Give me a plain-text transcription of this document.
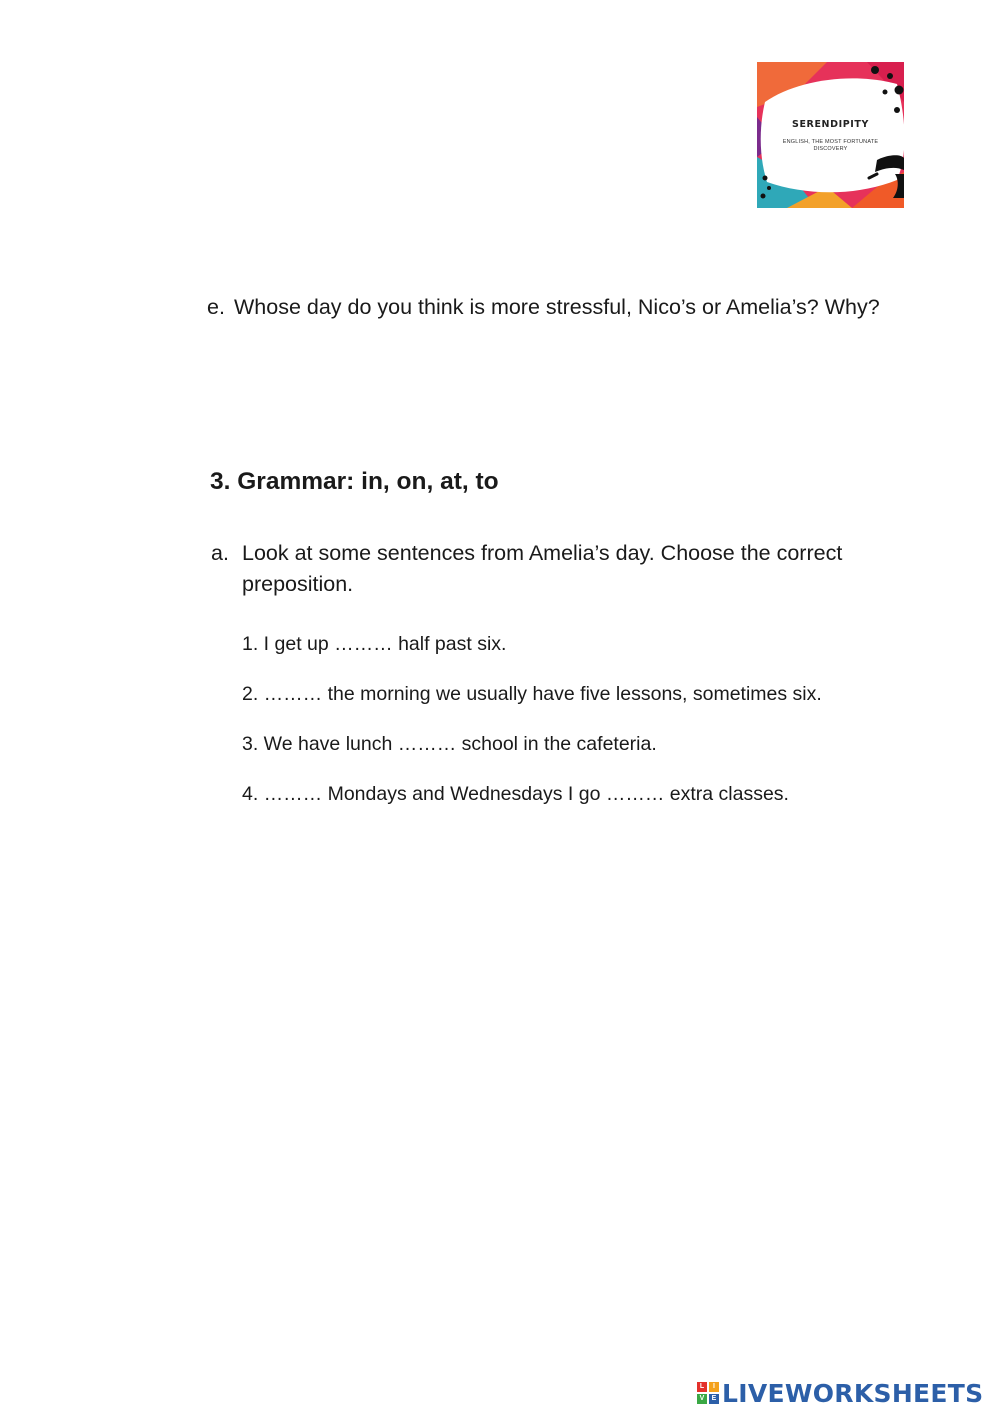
SERENDIPITY
ENGLISH, THE MOST FORTUNATE DISCOVERY
e. Whose day do you think is more stressful, Nico’s or Amelia’s? Why?
3. Grammar: in, on, at, to
a. Look at some sentences from Amelia’s day. Choose the correct preposition.
1. I get up ……… half past six.
2. ……… the morning we usually have five lessons, sometimes six.
3. We have lunch ……… school in the cafeteria.
4. ……… Mondays and Wednesdays I go ……… extra classes.
L	I
V	E LIVEWORKSHEETS
